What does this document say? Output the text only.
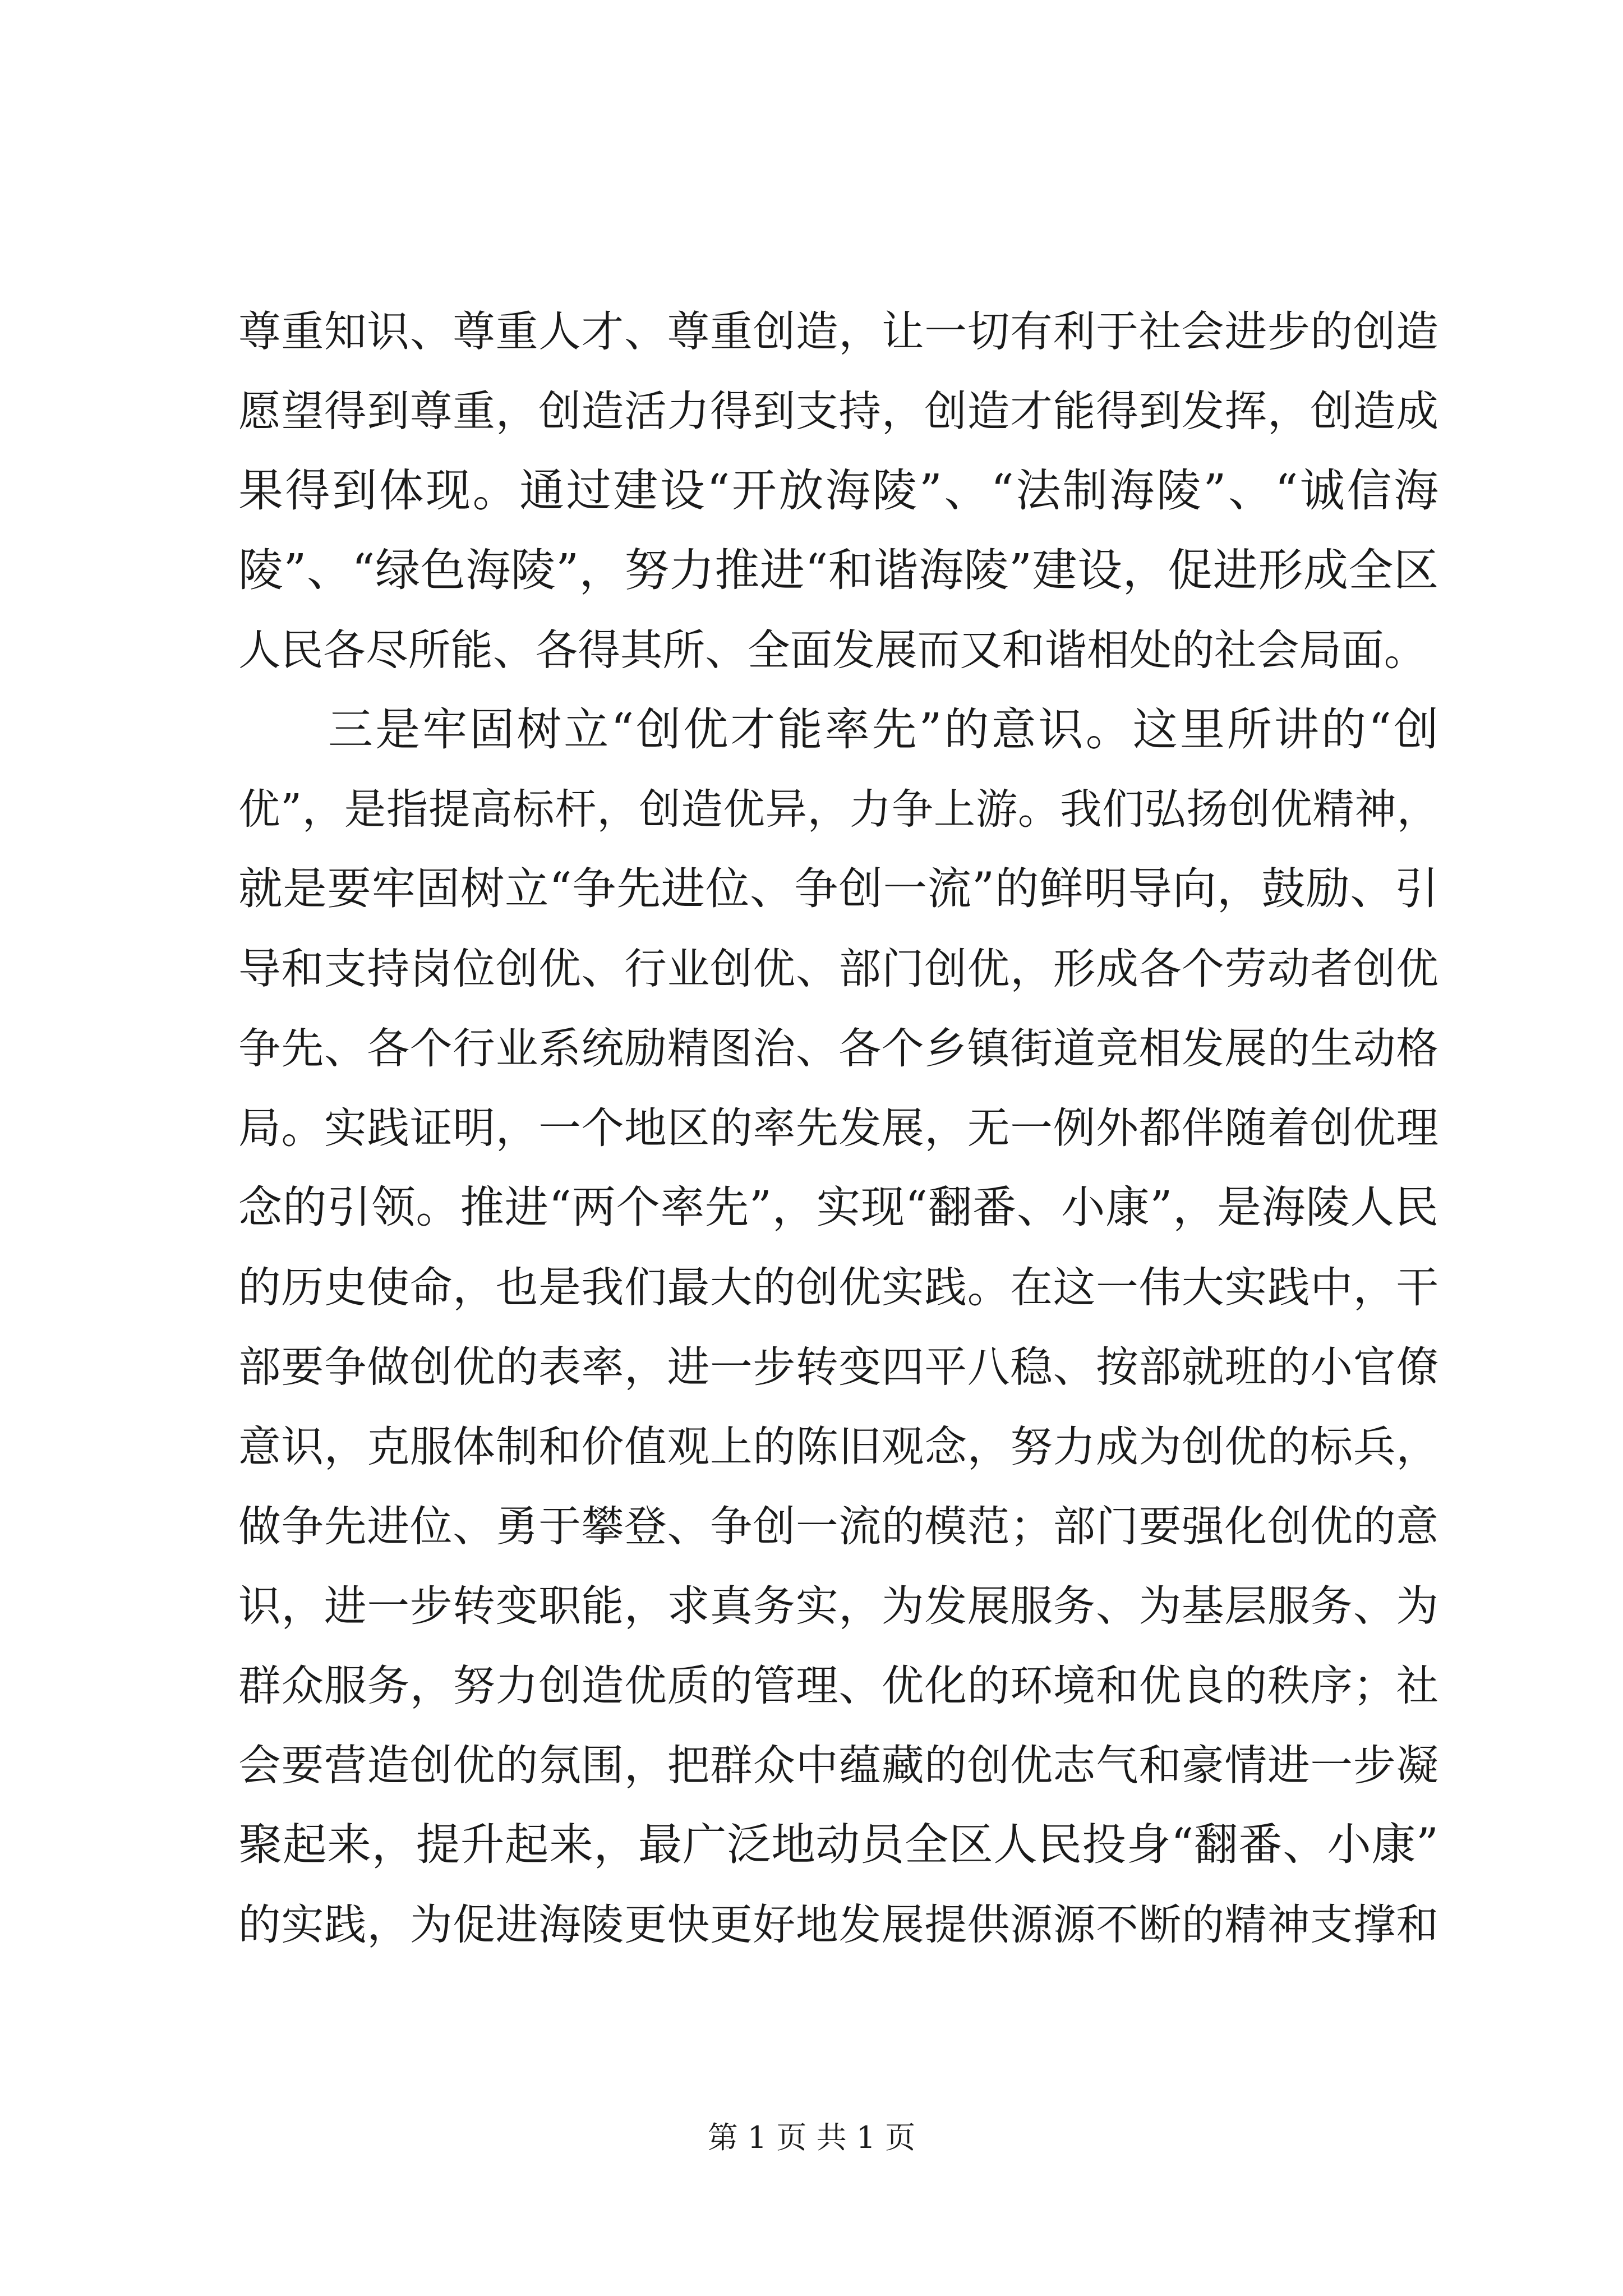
尊重知识、尊重人才、尊重创造，让一切有利于社会进步的创造
愿望得到尊重，创造活力得到支持，创造才能得到发挥，创造成
果得到体现。通过建设“开放海陵”、“法制海陵”、“诚信海
陵”、“绿色海陵”，努力推进“和谐海陵”建设，促进形成全区
人民各尽所能、各得其所、全面发展而又和谐相处的社会局面。
三是牢固树立“创优才能率先”的意识。这里所讲的“创
优”，是指提高标杆，创造优异，力争上游。我们弘扬创优精神，
就是要牢固树立“争先进位、争创一流”的鲜明导向，鼓励、引
导和支持岗位创优、行业创优、部门创优，形成各个劳动者创优
争先、各个行业系统励精图治、各个乡镇街道竞相发展的生动格
局。实践证明，一个地区的率先发展，无一例外都伴随着创优理
念的引领。推进“两个率先”，实现“翻番、小康”，是海陵人民
的历史使命，也是我们最大的创优实践。在这一伟大实践中，干
部要争做创优的表率，进一步转变四平八稳、按部就班的小官僚
意识，克服体制和价值观上的陈旧观念，努力成为创优的标兵，
做争先进位、勇于攀登、争创一流的模范；部门要强化创优的意
识，进一步转变职能，求真务实，为发展服务、为基层服务、为
群众服务，努力创造优质的管理、优化的环境和优良的秩序；社
会要营造创优的氛围，把群众中蕴藏的创优志气和豪情进一步凝
聚起来，提升起来，最广泛地动员全区人民投身“翻番、小康”
的实践，为促进海陵更快更好地发展提供源源不断的精神支撑和
第 1 页 共 1 页
